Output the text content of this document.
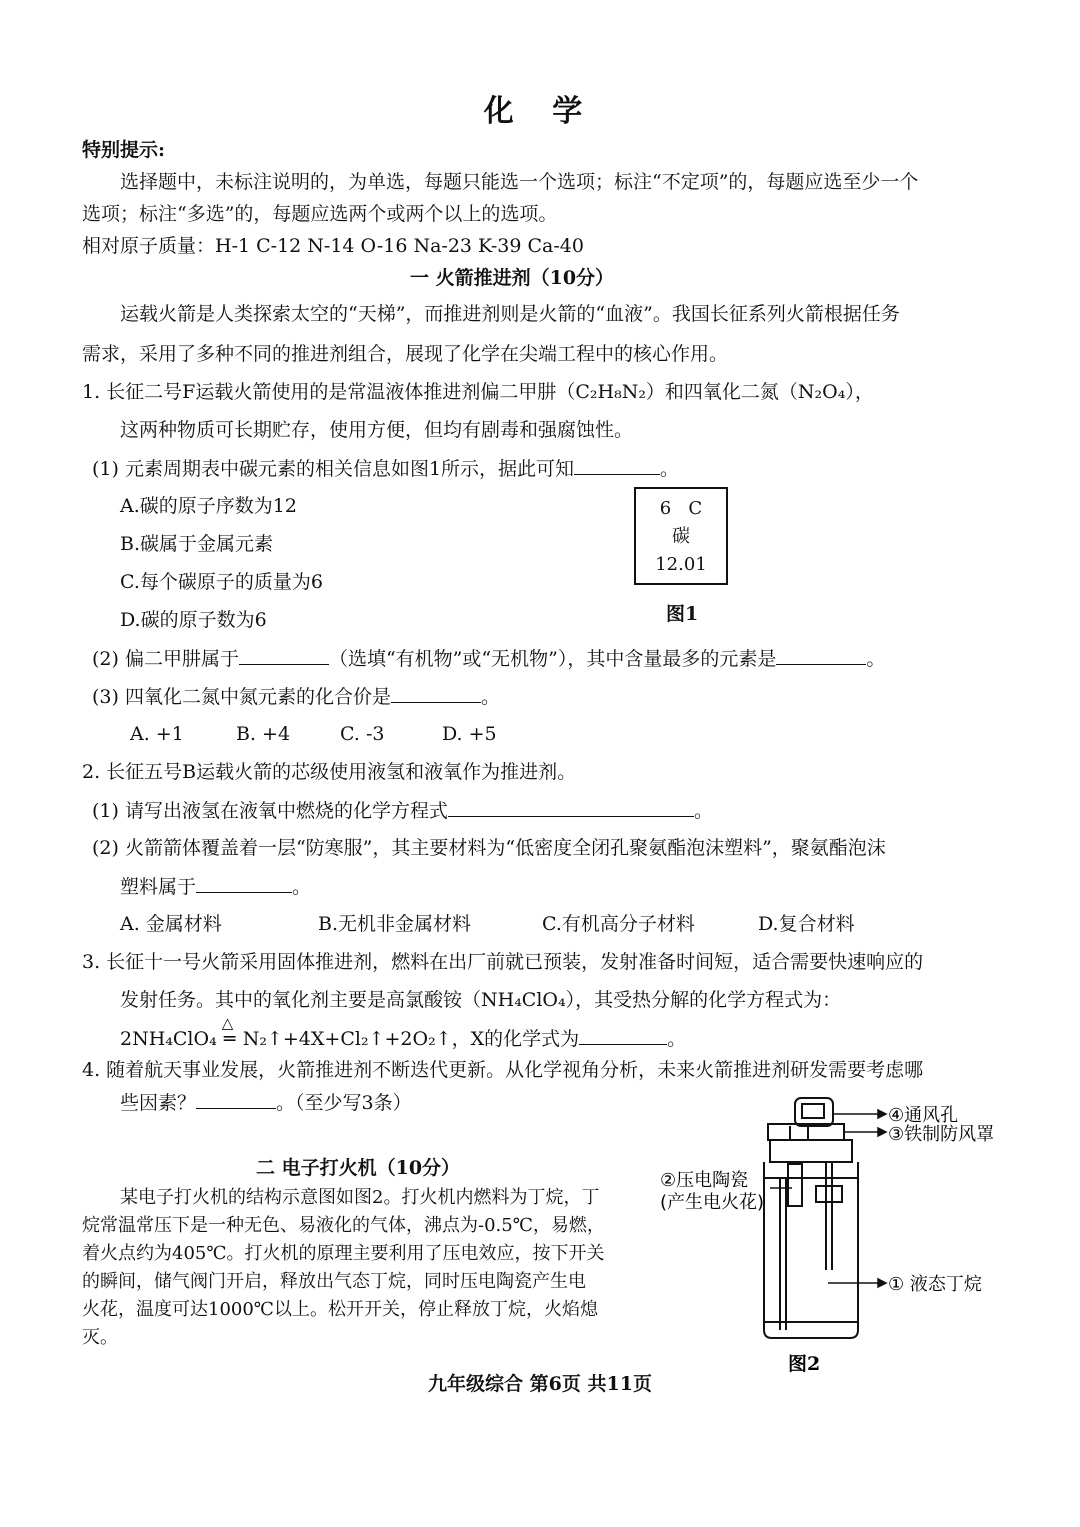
化 学
特别提示:
选择题中，未标注说明的，为单选，每题只能选一个选项；标注“不定项”的，每题应选至少一个
选项；标注“多选”的，每题应选两个或两个以上的选项。
相对原子质量：H-1 C-12 N-14 O-16 Na-23 K-39 Ca-40
一 火箭推进剂（10分）
运载火箭是人类探索太空的“天梯”，而推进剂则是火箭的“血液”。我国长征系列火箭根据任务
需求，采用了多种不同的推进剂组合，展现了化学在尖端工程中的核心作用。
1. 长征二号F运载火箭使用的是常温液体推进剂偏二甲肼（C₂H₈N₂）和四氧化二氮（N₂O₄），
这两种物质可长期贮存，使用方便，但均有剧毒和强腐蚀性。
(1) 元素周期表中碳元素的相关信息如图1所示，据此可知	。
A.碳的原子序数为12
B.碳属于金属元素
C.每个碳原子的质量为6
D.碳的原子数为6
6 C
碳
12.01
图1
(2) 偏二甲肼属于	（选填“有机物”或“无机物”），其中含量最多的元素是	。
(3) 四氧化二氮中氮元素的化合价是	。
A. +1	B. +4	C. -3	D. +5
2. 长征五号B运载火箭的芯级使用液氢和液氧作为推进剂。
(1) 请写出液氢在液氧中燃烧的化学方程式	。
(2) 火箭箭体覆盖着一层“防寒服”，其主要材料为“低密度全闭孔聚氨酯泡沫塑料”，聚氨酯泡沫
塑料属于	。
A. 金属材料	B.无机非金属材料	C.有机高分子材料	D.复合材料
3. 长征十一号火箭采用固体推进剂，燃料在出厂前就已预装，发射准备时间短，适合需要快速响应的
发射任务。其中的氧化剂主要是高氯酸铵（NH₄ClO₄），其受热分解的化学方程式为：
2NH₄ClO₄
△
═ N₂↑+4X+Cl₂↑+2O₂↑，X的化学式为	。
4. 随着航天事业发展，火箭推进剂不断迭代更新。从化学视角分析，未来火箭推进剂研发需要考虑哪
些因素？	。（至少写3条）
二 电子打火机（10分）
某电子打火机的结构示意图如图2。打火机内燃料为丁烷，丁
烷常温常压下是一种无色、易液化的气体，沸点为-0.5℃，易燃，
着火点约为405℃。打火机的原理主要利用了压电效应，按下开关
的瞬间，储气阀门开启，释放出气态丁烷，同时压电陶瓷产生电
火花，温度可达1000℃以上。松开开关，停止释放丁烷，火焰熄
灭。
④通风孔
③铁制防风罩
②压电陶瓷
(产生电火花)
① 液态丁烷
图2
九年级综合 第6页 共11页
